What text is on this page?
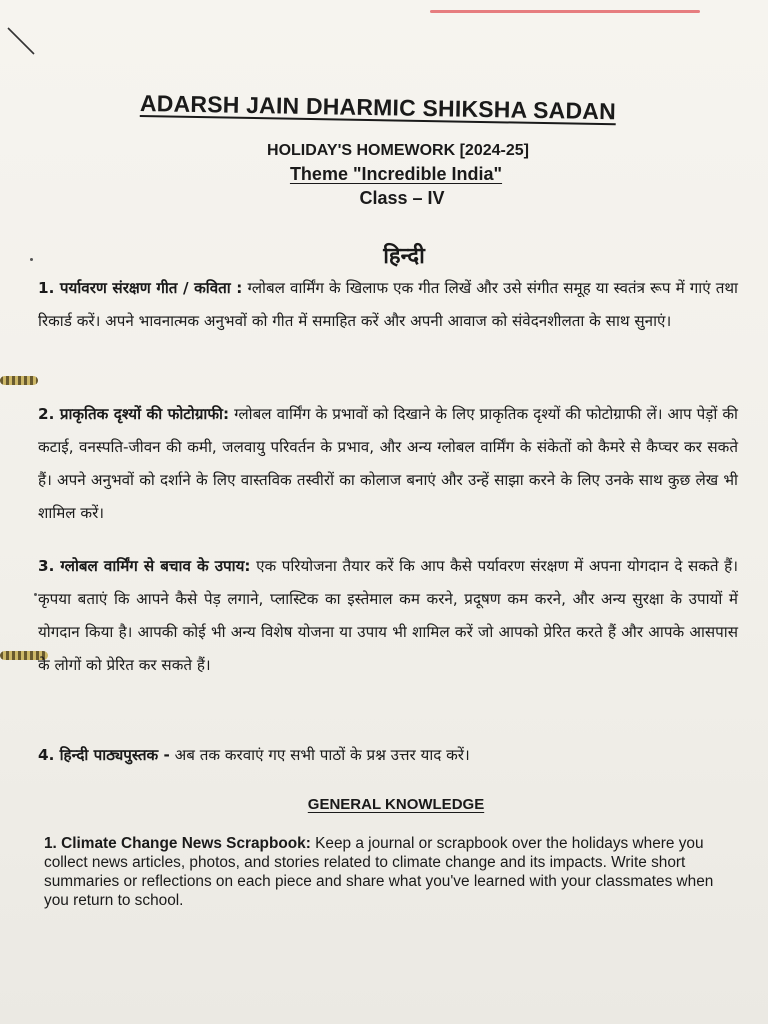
ADARSH JAIN DHARMIC SHIKSHA SADAN
HOLIDAY'S HOMEWORK [2024-25]
Theme "Incredible India"
Class – IV
हिन्दी
1. पर्यावरण संरक्षण गीत / कविता : ग्लोबल वार्मिंग के खिलाफ एक गीत लिखें और उसे संगीत समूह या स्वतंत्र रूप में गाएं तथा रिकार्ड करें। अपने भावनात्मक अनुभवों को गीत में समाहित करें और अपनी आवाज को संवेदनशीलता के साथ सुनाएं।
2. प्राकृतिक दृश्यों की फोटोग्राफी: ग्लोबल वार्मिंग के प्रभावों को दिखाने के लिए प्राकृतिक दृश्यों की फोटोग्राफी लें। आप पेड़ों की कटाई, वनस्पति-जीवन की कमी, जलवायु परिवर्तन के प्रभाव, और अन्य ग्लोबल वार्मिंग के संकेतों को कैमरे से कैप्चर कर सकते हैं। अपने अनुभवों को दर्शाने के लिए वास्तविक तस्वीरों का कोलाज बनाएं और उन्हें साझा करने के लिए उनके साथ कुछ लेख भी शामिल करें।
3. ग्लोबल वार्मिंग से बचाव के उपाय: एक परियोजना तैयार करें कि आप कैसे पर्यावरण संरक्षण में अपना योगदान दे सकते हैं। कृपया बताएं कि आपने कैसे पेड़ लगाने, प्लास्टिक का इस्तेमाल कम करने, प्रदूषण कम करने, और अन्य सुरक्षा के उपायों में योगदान किया है। आपकी कोई भी अन्य विशेष योजना या उपाय भी शामिल करें जो आपको प्रेरित करते हैं और आपके आसपास के लोगों को प्रेरित कर सकते हैं।
4. हिन्दी पाठ्यपुस्तक - अब तक करवाएं गए सभी पाठों के प्रश्न उत्तर याद करें।
GENERAL KNOWLEDGE
1. Climate Change News Scrapbook: Keep a journal or scrapbook over the holidays where you collect news articles, photos, and stories related to climate change and its impacts. Write short summaries or reflections on each piece and share what you've learned with your classmates when you return to school.
